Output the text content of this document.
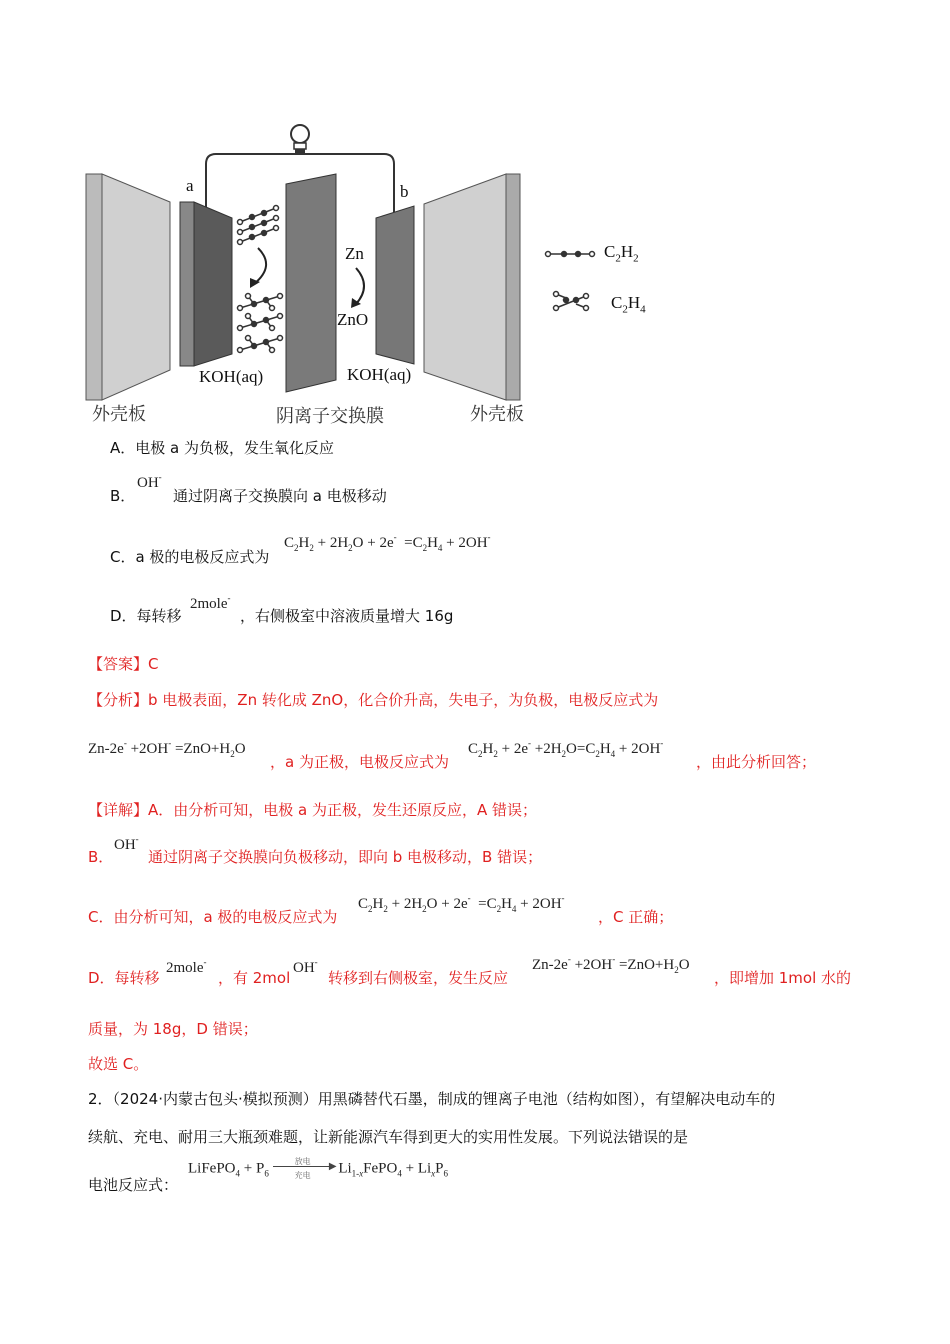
a	b
Zn
ZnO
KOH(aq)	KOH(aq)
外壳板	阴离子交换膜	外壳板
$C_2H_2$
$C_2H_4$
A．电极 a 为负极，发生氧化反应
B．
OH-
通过阴离子交换膜向 a 电极移动
C．a 极的电极反应式为
$C_2H_2 + 2H_2O + 2e^- =C_2H_4 + 2OH^-$
D．每转移
2mole-
，右侧极室中溶液质量增大 16g
【答案】C
【分析】b 电极表面，Zn 转化成 ZnO，化合价升高，失电子，为负极，电极反应式为
$Zn-2e^- +2OH^- =ZnO+H_2O$
，a 为正极，电极反应式为
$C_2H_2 + 2e^- +2H_2O=C_2H_4 + 2OH^-$
，由此分析回答；
【详解】A．由分析可知，电极 a 为正极，发生还原反应，A 错误；
B．
OH-
通过阴离子交换膜向负极移动，即向 b 电极移动，B 错误；
C．由分析可知，a 极的电极反应式为
$C_2H_2 + 2H_2O + 2e^- =C_2H_4 + 2OH^-$
，C 正确；
D．每转移
2mole-
，有 2mol
OH-
转移到右侧极室，发生反应
$Zn-2e^- +2OH^- =ZnO+H_2O$
，即增加 1mol 水的
质量，为 18g，D 错误；
故选 C。
2．（2024·内蒙古包头·模拟预测）用黑磷替代石墨，制成的锂离子电池（结构如图），有望解决电动车的
续航、充电、耐用三大瓶颈难题，让新能源汽车得到更大的实用性发展。下列说法错误的是
电池反应式：
LiFePO$_4$ + $P_6$
▶
放电
充电 $Li_{1-x}FePO_4 + Li_xP_6$
